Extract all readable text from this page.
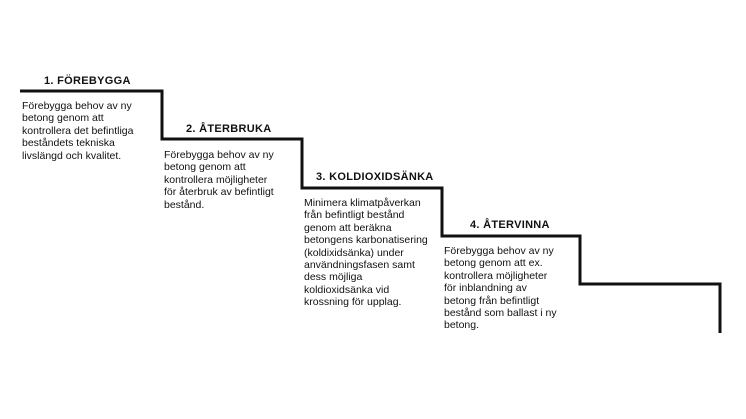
1. FÖREBYGGA
Förebygga behov av ny
betong genom att
kontrollera det befintliga
beståndets tekniska
livslängd och kvalitet.
2. ÅTERBRUKA
Förebygga behov av ny
betong genom att
kontrollera möjligheter
för återbruk av befintligt
bestånd.
3. KOLDIOXIDSÄNKA
Minimera klimatpåverkan
från befintligt bestånd
genom att beräkna
betongens karbonatisering
(koldixidsänka) under
användningsfasen samt
dess möjliga
koldioxidsänka vid
krossning för upplag.
4. ÅTERVINNA
Förebygga behov av ny
betong genom att ex.
kontrollera möjligheter
för inblandning av
betong från befintligt
bestånd som ballast i ny
betong.
